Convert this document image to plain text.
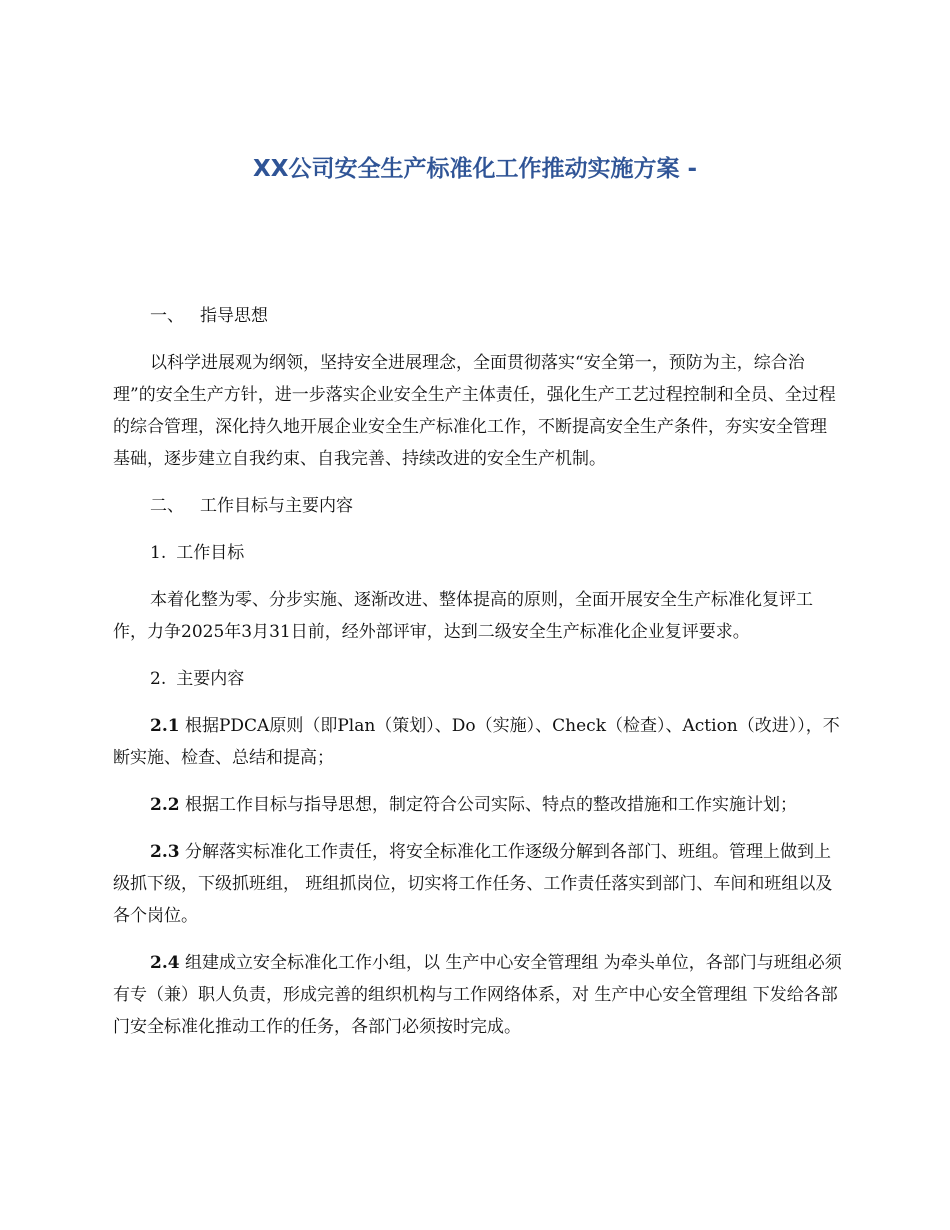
XX公司安全生产标准化工作推动实施方案 -
一、 指导思想

以科学进展观为纲领，坚持安全进展理念，全面贯彻落实“安全第一，预防为主，综合治理”的安全生产方针，进一步落实企业安全生产主体责任，强化生产工艺过程控制和全员、全过程的综合管理，深化持久地开展企业安全生产标准化工作，不断提高安全生产条件，夯实安全管理基础，逐步建立自我约束、自我完善、持续改进的安全生产机制。

二、 工作目标与主要内容
1. 工作目标

本着化整为零、分步实施、逐渐改进、整体提高的原则，全面开展安全生产标准化复评工作，力争2025年3月31日前，经外部评审，达到二级安全生产标准化企业复评要求。

2. 主要内容

2.1 根据PDCA原则（即Plan（策划）、Do（实施）、Check（检查）、Action（改进）），不断实施、检查、总结和提高；

2.2 根据工作目标与指导思想，制定符合公司实际、特点的整改措施和工作实施计划；

2.3 分解落实标准化工作责任，将安全标准化工作逐级分解到各部门、班组。管理上做到上级抓下级，下级抓班组， 班组抓岗位，切实将工作任务、工作责任落实到部门、车间和班组以及各个岗位。

2.4 组建成立安全标准化工作小组，以 生产中心安全管理组 为牵头单位，各部门与班组必须有专（兼）职人负责，形成完善的组织机构与工作网络体系，对 生产中心安全管理组 下发给各部门安全标准化推动工作的任务，各部门必须按时完成。
